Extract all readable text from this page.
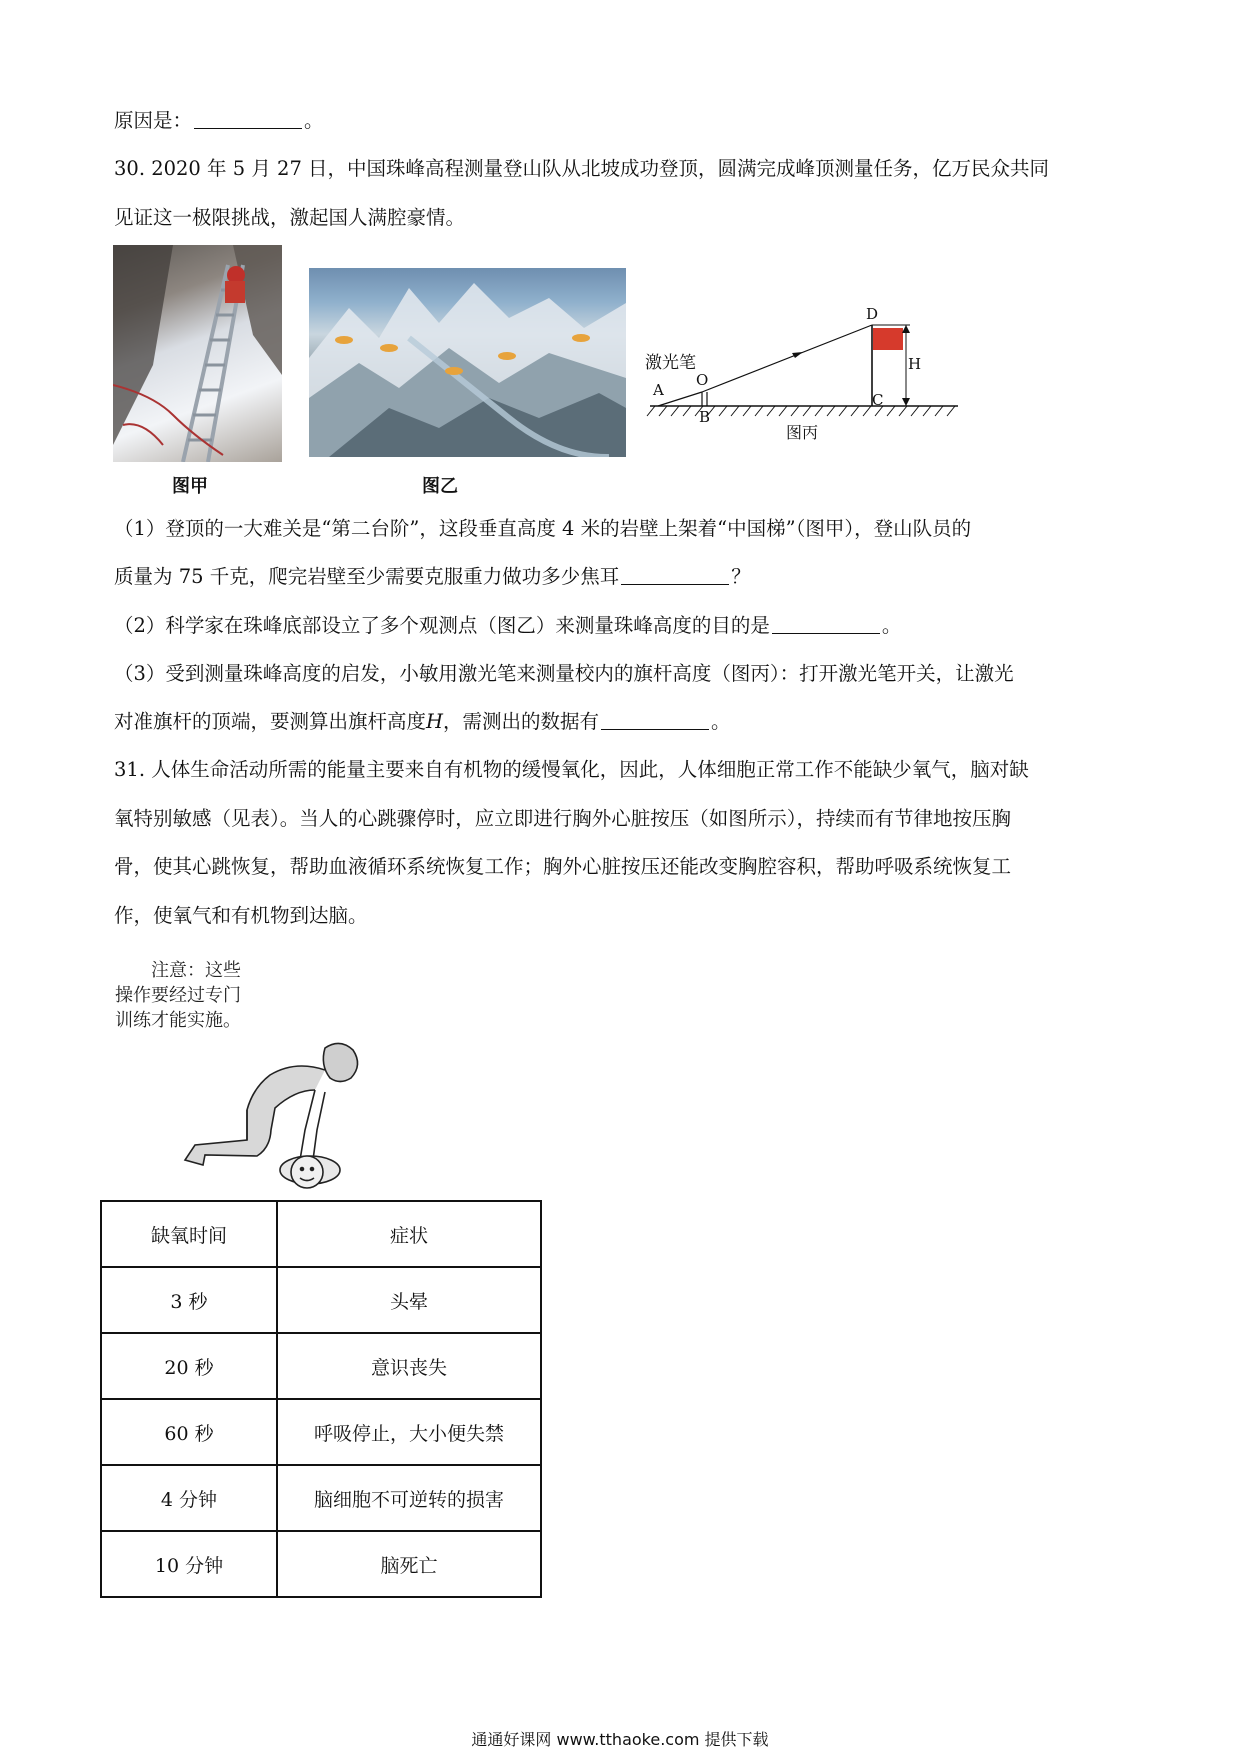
原因是：	。
30. 2020 年 5 月 27 日，中国珠峰高程测量登山队从北坡成功登顶，圆满完成峰顶测量任务，亿万民众共同
见证这一极限挑战，激起国人满腔豪情。
图甲	图乙
激光笔
A
O
B
D
C
H
图丙
（1）登顶的一大难关是“第二台阶”，这段垂直高度 4 米的岩壁上架着“中国梯”（图甲），登山队员的
质量为 75 千克，爬完岩壁至少需要克服重力做功多少焦耳	？
（2）科学家在珠峰底部设立了多个观测点（图乙）来测量珠峰高度的目的是	。
（3）受到测量珠峰高度的启发，小敏用激光笔来测量校内的旗杆高度（图丙）：打开激光笔开关，让激光
对准旗杆的顶端，要测算出旗杆高度H，需测出的数据有	。
31. 人体生命活动所需的能量主要来自有机物的缓慢氧化，因此，人体细胞正常工作不能缺少氧气，脑对缺
氧特别敏感（见表）。当人的心跳骤停时，应立即进行胸外心脏按压（如图所示），持续而有节律地按压胸
骨，使其心跳恢复，帮助血液循环系统恢复工作；胸外心脏按压还能改变胸腔容积，帮助呼吸系统恢复工
作，使氧气和有机物到达脑。
注意：这些
操作要经过专门
训练才能实施。
缺氧时间	症状
3 秒	头晕
20 秒	意识丧失
60 秒	呼吸停止，大小便失禁
4 分钟	脑细胞不可逆转的损害
10 分钟	脑死亡
通通好课网 www.tthaoke.com 提供下载
